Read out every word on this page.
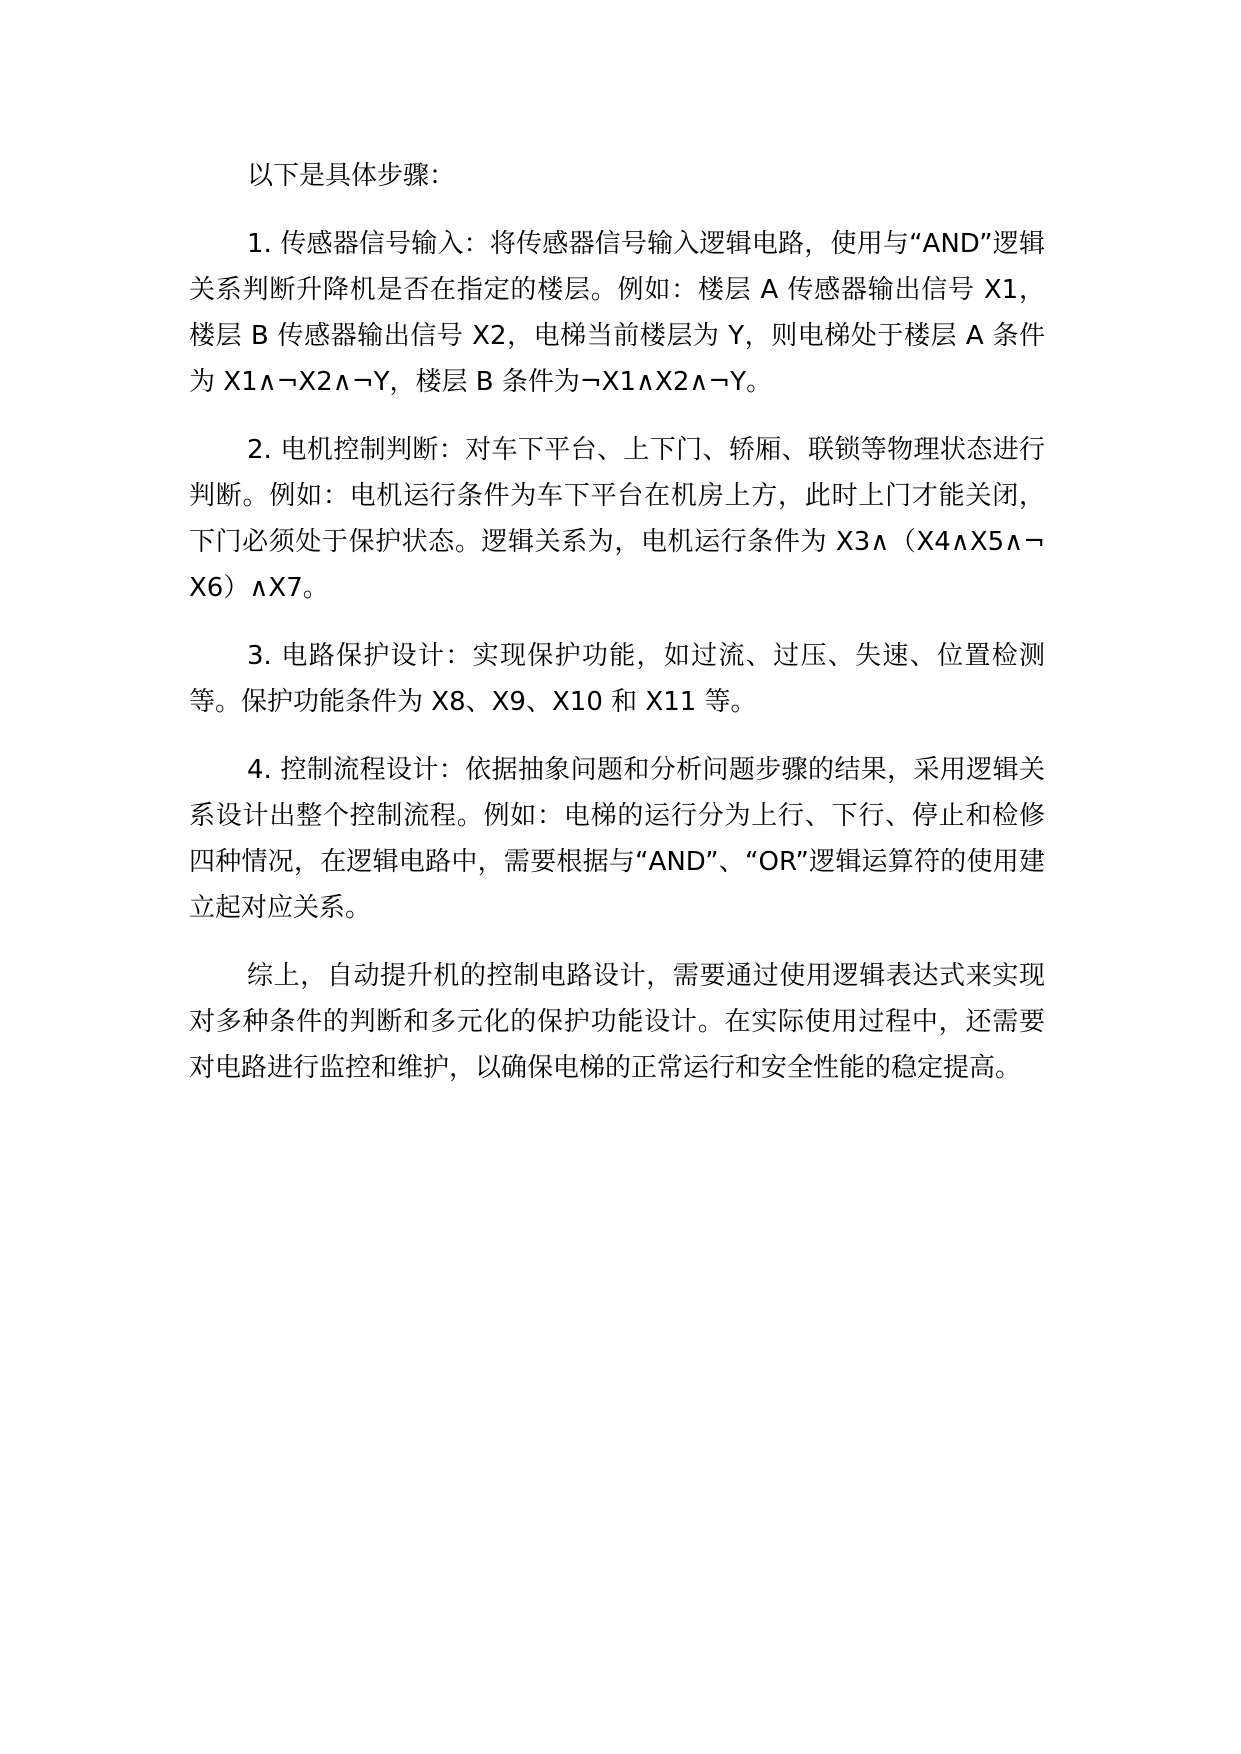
以下是具体步骤：

1. 传感器信号输入：将传感器信号输入逻辑电路，使用与“AND”逻辑关系判断升降机是否在指定的楼层。例如：楼层 A 传感器输出信号 X1，楼层 B 传感器输出信号 X2，电梯当前楼层为 Y，则电梯处于楼层 A 条件为 X1∧¬X2∧¬Y，楼层 B 条件为¬X1∧X2∧¬Y。

2. 电机控制判断：对车下平台、上下门、轿厢、联锁等物理状态进行判断。例如：电机运行条件为车下平台在机房上方，此时上门才能关闭，下门必须处于保护状态。逻辑关系为，电机运行条件为 X3∧（X4∧X5∧¬X6）∧X7。

3. 电路保护设计：实现保护功能，如过流、过压、失速、位置检测等。保护功能条件为 X8、X9、X10 和 X11 等。

4. 控制流程设计：依据抽象问题和分析问题步骤的结果，采用逻辑关系设计出整个控制流程。例如：电梯的运行分为上行、下行、停止和检修四种情况，在逻辑电路中，需要根据与“AND”、“OR”逻辑运算符的使用建立起对应关系。

综上，自动提升机的控制电路设计，需要通过使用逻辑表达式来实现对多种条件的判断和多元化的保护功能设计。在实际使用过程中，还需要对电路进行监控和维护，以确保电梯的正常运行和安全性能的稳定提高。
